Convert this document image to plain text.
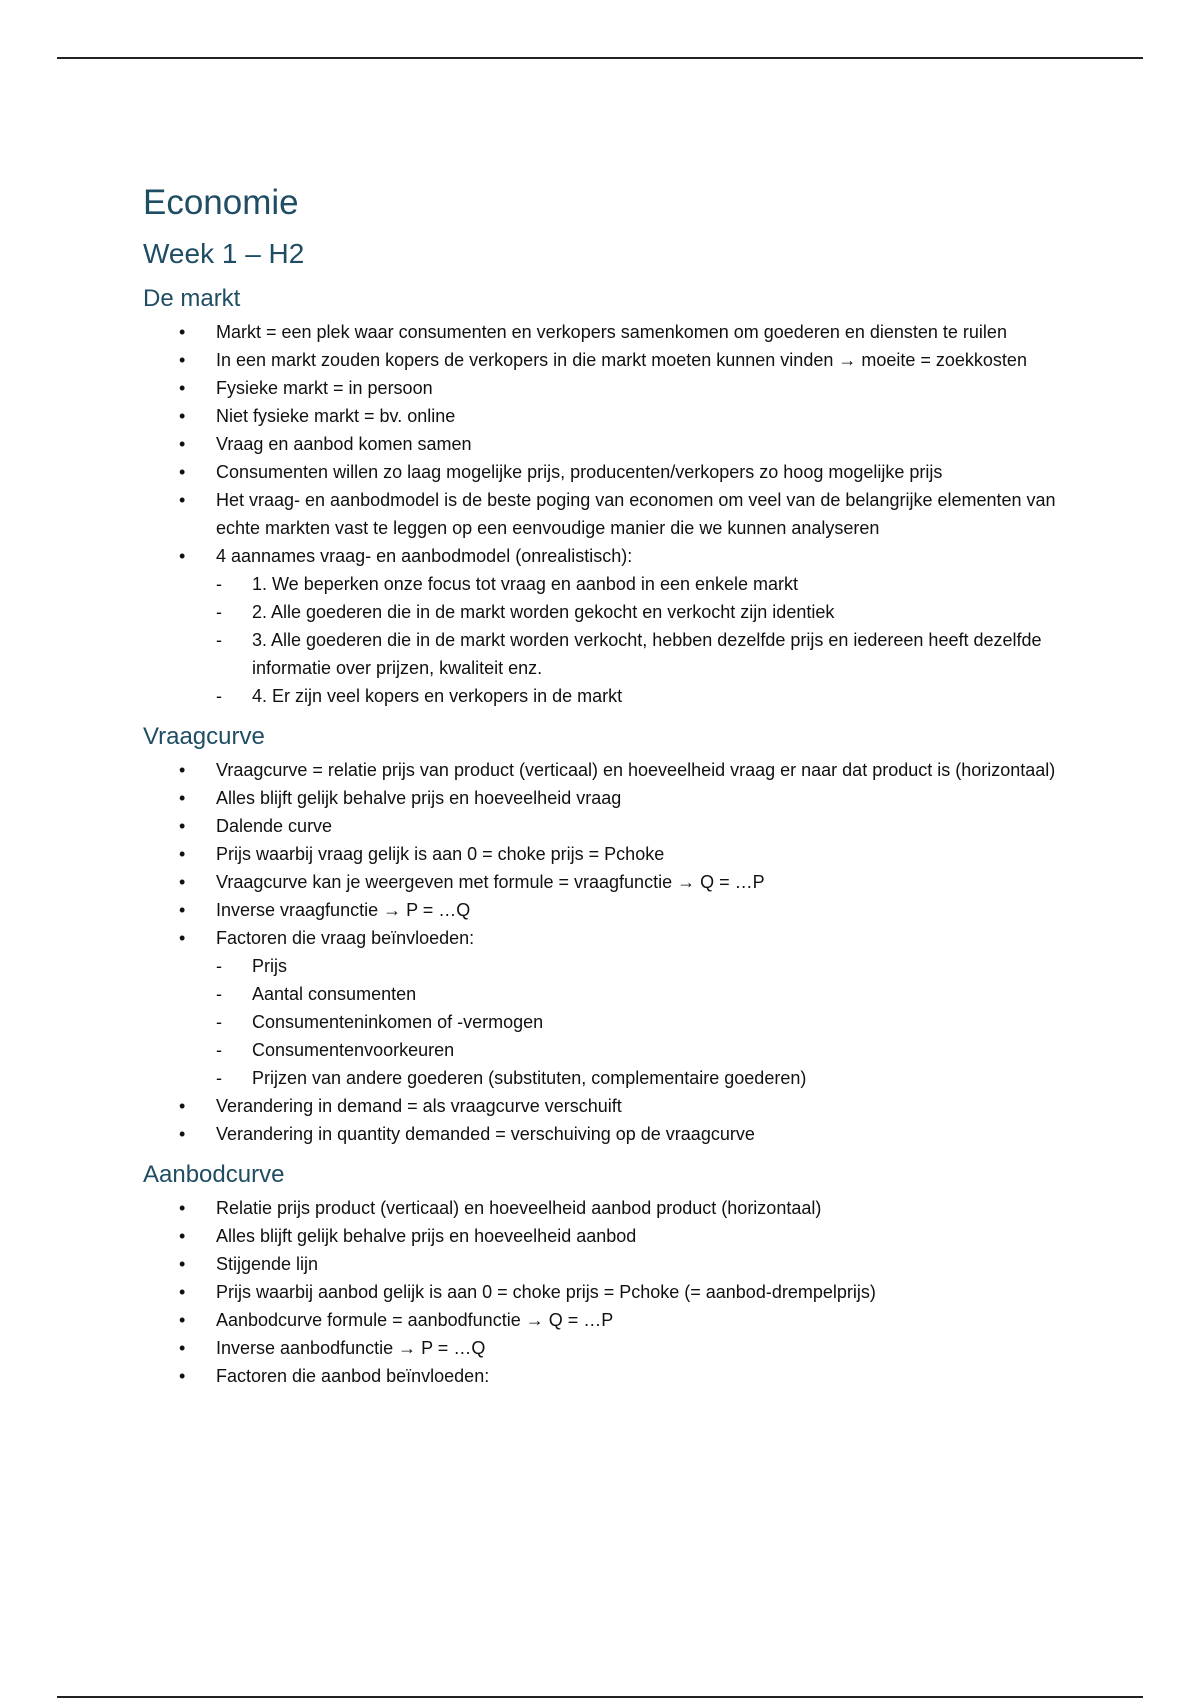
Economie
Week 1 – H2
De markt
• Markt = een plek waar consumenten en verkopers samenkomen om goederen en diensten te ruilen
• In een markt zouden kopers de verkopers in die markt moeten kunnen vinden → moeite = zoekkosten
• Fysieke markt = in persoon
• Niet fysieke markt = bv. online
• Vraag en aanbod komen samen
• Consumenten willen zo laag mogelijke prijs, producenten/verkopers zo hoog mogelijke prijs
• Het vraag- en aanbodmodel is de beste poging van economen om veel van de belangrijke elementen van echte markten vast te leggen op een eenvoudige manier die we kunnen analyseren
• 4 aannames vraag- en aanbodmodel (onrealistisch):
- 1. We beperken onze focus tot vraag en aanbod in een enkele markt
- 2. Alle goederen die in de markt worden gekocht en verkocht zijn identiek
- 3. Alle goederen die in de markt worden verkocht, hebben dezelfde prijs en iedereen heeft dezelfde informatie over prijzen, kwaliteit enz.
- 4. Er zijn veel kopers en verkopers in de markt
Vraagcurve
• Vraagcurve = relatie prijs van product (verticaal) en hoeveelheid vraag er naar dat product is (horizontaal)
• Alles blijft gelijk behalve prijs en hoeveelheid vraag
• Dalende curve
• Prijs waarbij vraag gelijk is aan 0 = choke prijs = Pchoke
• Vraagcurve kan je weergeven met formule = vraagfunctie → Q = …P
• Inverse vraagfunctie → P = …Q
• Factoren die vraag beïnvloeden:
- Prijs
- Aantal consumenten
- Consumenteninkomen of -vermogen
- Consumentenvoorkeuren
- Prijzen van andere goederen (substituten, complementaire goederen)
• Verandering in demand = als vraagcurve verschuift
• Verandering in quantity demanded = verschuiving op de vraagcurve
Aanbodcurve
• Relatie prijs product (verticaal) en hoeveelheid aanbod product (horizontaal)
• Alles blijft gelijk behalve prijs en hoeveelheid aanbod
• Stijgende lijn
• Prijs waarbij aanbod gelijk is aan 0 = choke prijs = Pchoke (= aanbod-drempelprijs)
• Aanbodcurve formule = aanbodfunctie → Q = …P
• Inverse aanbodfunctie → P = …Q
• Factoren die aanbod beïnvloeden:
